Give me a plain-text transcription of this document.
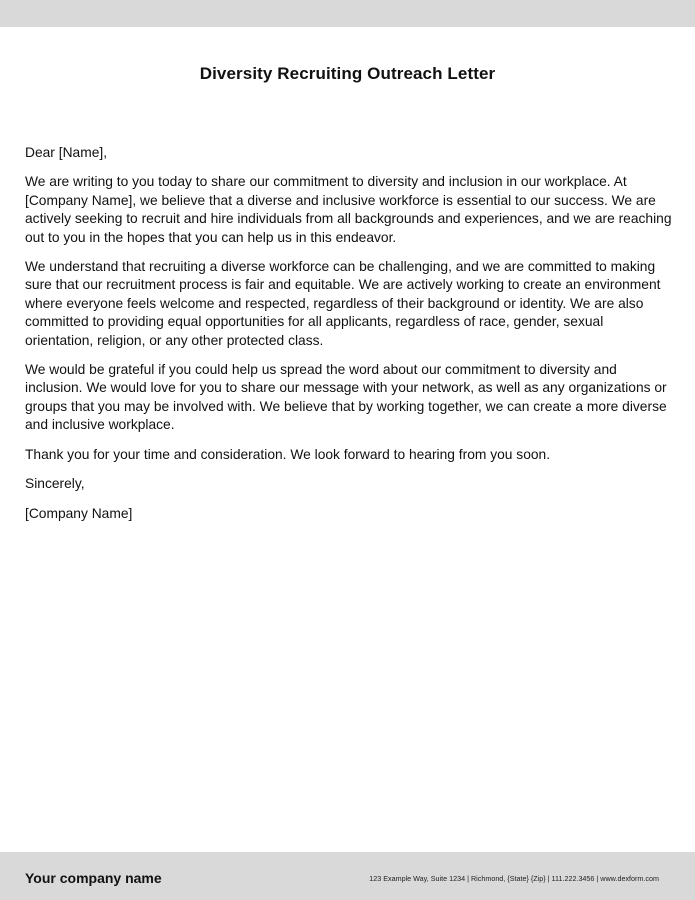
Diversity Recruiting Outreach Letter

Dear [Name],

We are writing to you today to share our commitment to diversity and inclusion in our workplace. At [Company Name], we believe that a diverse and inclusive workforce is essential to our success. We are actively seeking to recruit and hire individuals from all backgrounds and experiences, and we are reaching out to you in the hopes that you can help us in this endeavor.

We understand that recruiting a diverse workforce can be challenging, and we are committed to making sure that our recruitment process is fair and equitable. We are actively working to create an environment where everyone feels welcome and respected, regardless of their background or identity. We are also committed to providing equal opportunities for all applicants, regardless of race, gender, sexual orientation, religion, or any other protected class.

We would be grateful if you could help us spread the word about our commitment to diversity and inclusion. We would love for you to share our message with your network, as well as any organizations or groups that you may be involved with. We believe that by working together, we can create a more diverse and inclusive workplace.

Thank you for your time and consideration. We look forward to hearing from you soon.

Sincerely,

[Company Name]

Your company name	123 Example Way, Suite 1234 | Richmond, {State} {Zip} | 111.222.3456 | www.dexform.com
